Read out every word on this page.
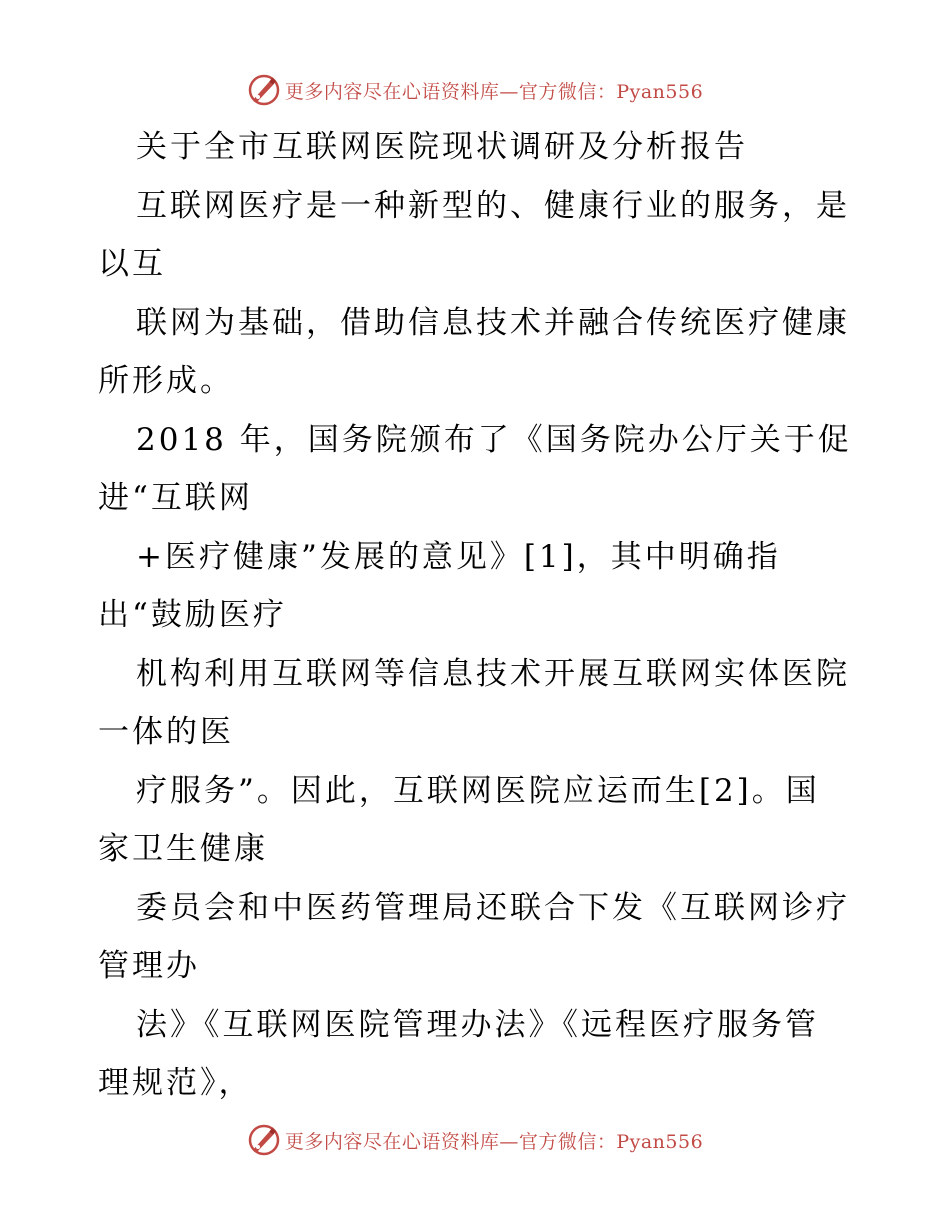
更多内容尽在心语资料库—官方微信：Pyan556
关于全市互联网医院现状调研及分析报告
互联网医疗是一种新型的、健康行业的服务，是
以互
联网为基础，借助信息技术并融合传统医疗健康
所形成。
2018 年，国务院颁布了《国务院办公厅关于促
进“互联网
+医疗健康”发展的意见》[1]，其中明确指
出“鼓励医疗
机构利用互联网等信息技术开展互联网实体医院
一体的医
疗服务”。因此，互联网医院应运而生[2]。国
家卫生健康
委员会和中医药管理局还联合下发《互联网诊疗
管理办
法》《互联网医院管理办法》《远程医疗服务管
理规范》，
更多内容尽在心语资料库—官方微信：Pyan556
